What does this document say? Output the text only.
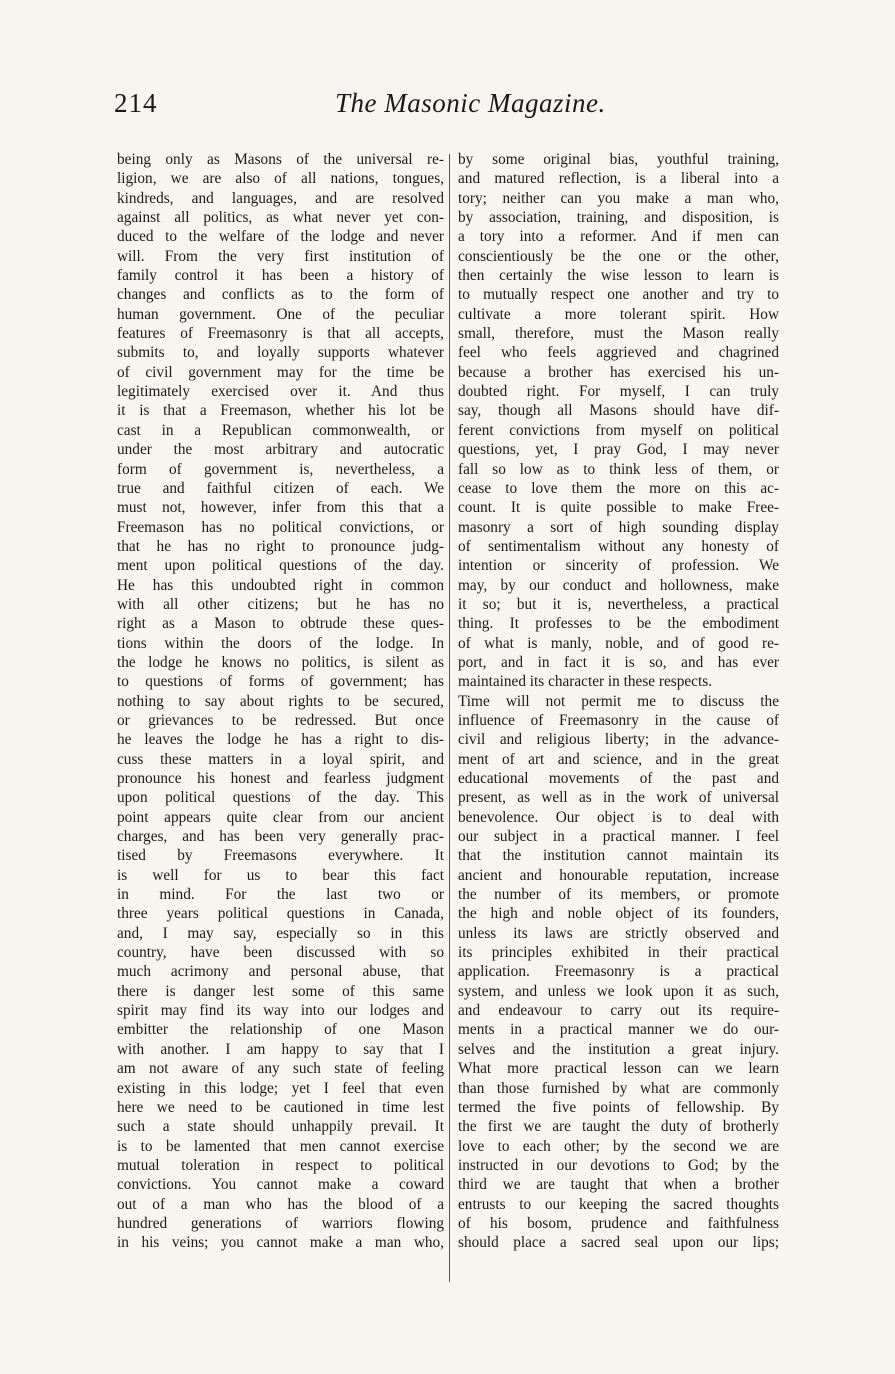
214	The Masonic Magazine.
being only as Masons of the universal re-
ligion, we are also of all nations, tongues,
kindreds, and languages, and are resolved
against all politics, as what never yet con-
duced to the welfare of the lodge and never
will. From the very first institution of
family control it has been a history of
changes and conflicts as to the form of
human government. One of the peculiar
features of Freemasonry is that all accepts,
submits to, and loyally supports whatever
of civil government may for the time be
legitimately exercised over it. And thus
it is that a Freemason, whether his lot be
cast in a Republican commonwealth, or
under the most arbitrary and autocratic
form of government is, nevertheless, a
true and faithful citizen of each. We
must not, however, infer from this that a
Freemason has no political convictions, or
that he has no right to pronounce judg-
ment upon political questions of the day.
He has this undoubted right in common
with all other citizens; but he has no
right as a Mason to obtrude these ques-
tions within the doors of the lodge. In
the lodge he knows no politics, is silent as
to questions of forms of government; has
nothing to say about rights to be secured,
or grievances to be redressed. But once
he leaves the lodge he has a right to dis-
cuss these matters in a loyal spirit, and
pronounce his honest and fearless judgment
upon political questions of the day. This
point appears quite clear from our ancient
charges, and has been very generally prac-
tised by Freemasons everywhere. It
is well for us to bear this fact
in mind. For the last two or
three years political questions in Canada,
and, I may say, especially so in this
country, have been discussed with so
much acrimony and personal abuse, that
there is danger lest some of this same
spirit may find its way into our lodges and
embitter the relationship of one Mason
with another. I am happy to say that I
am not aware of any such state of feeling
existing in this lodge; yet I feel that even
here we need to be cautioned in time lest
such a state should unhappily prevail. It
is to be lamented that men cannot exercise
mutual toleration in respect to political
convictions. You cannot make a coward
out of a man who has the blood of a
hundred generations of warriors flowing
in his veins; you cannot make a man who,
by some original bias, youthful training,
and matured reflection, is a liberal into a
tory; neither can you make a man who,
by association, training, and disposition, is
a tory into a reformer. And if men can
conscientiously be the one or the other,
then certainly the wise lesson to learn is
to mutually respect one another and try to
cultivate a more tolerant spirit. How
small, therefore, must the Mason really
feel who feels aggrieved and chagrined
because a brother has exercised his un-
doubted right. For myself, I can truly
say, though all Masons should have dif-
ferent convictions from myself on political
questions, yet, I pray God, I may never
fall so low as to think less of them, or
cease to love them the more on this ac-
count. It is quite possible to make Free-
masonry a sort of high sounding display
of sentimentalism without any honesty of
intention or sincerity of profession. We
may, by our conduct and hollowness, make
it so; but it is, nevertheless, a practical
thing. It professes to be the embodiment
of what is manly, noble, and of good re-
port, and in fact it is so, and has ever
maintained its character in these respects.
Time will not permit me to discuss the
influence of Freemasonry in the cause of
civil and religious liberty; in the advance-
ment of art and science, and in the great
educational movements of the past and
present, as well as in the work of universal
benevolence. Our object is to deal with
our subject in a practical manner. I feel
that the institution cannot maintain its
ancient and honourable reputation, increase
the number of its members, or promote
the high and noble object of its founders,
unless its laws are strictly observed and
its principles exhibited in their practical
application. Freemasonry is a practical
system, and unless we look upon it as such,
and endeavour to carry out its require-
ments in a practical manner we do our-
selves and the institution a great injury.
What more practical lesson can we learn
than those furnished by what are commonly
termed the five points of fellowship. By
the first we are taught the duty of brotherly
love to each other; by the second we are
instructed in our devotions to God; by the
third we are taught that when a brother
entrusts to our keeping the sacred thoughts
of his bosom, prudence and faithfulness
should place a sacred seal upon our lips;
